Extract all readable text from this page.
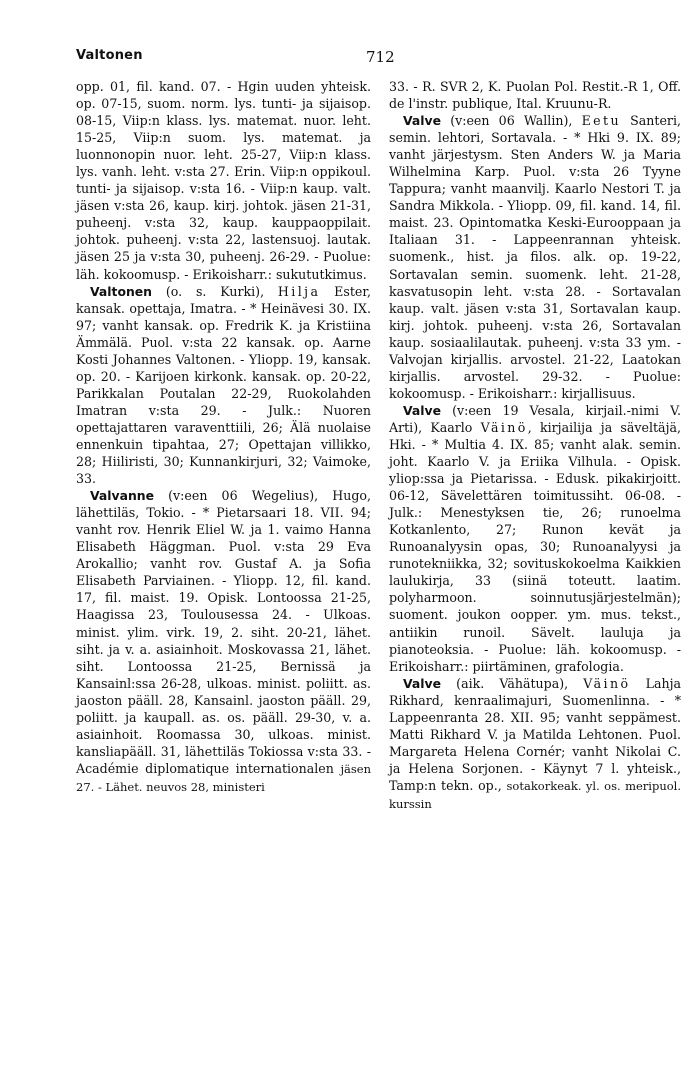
Valtonen	712

opp. 01, fil. kand. 07. - Hgin uuden yhteisk. op. 07-15, suom. norm. lys. tunti- ja sijaisop. 08-15, Viip:n klass. lys. matemat. nuor. leht. 15-25, Viip:n suom. lys. matemat. ja luonnonopin nuor. leht. 25-27, Viip:n klass. lys. vanh. leht. v:sta 27. Erin. Viip:n oppikoul. tunti- ja sijaisop. v:sta 16. - Viip:n kaup. valt. jäsen v:sta 26, kaup. kirj. johtok. jäsen 21-31, puheenj. v:sta 32, kaup. kauppaoppilait. johtok. puheenj. v:sta 22, lastensuoj. lautak. jäsen 25 ja v:sta 30, puheenj. 26-29. - Puolue: läh. kokoomusp. - Erikoisharr.: sukututkimus.

Valtonen (o. s. Kurki), Hilja Ester, kansak. opettaja, Imatra. - * Heinävesi 30. IX. 97; vanht kansak. op. Fredrik K. ja Kristiina Ämmälä. Puol. v:sta 22 kansak. op. Aarne Kosti Johannes Valtonen. - Yliopp. 19, kansak. op. 20. - Karijoen kirkonk. kansak. op. 20-22, Parikkalan Poutalan 22-29, Ruokolahden Imatran v:sta 29. - Julk.: Nuoren opettajattaren varaventtiili, 26; Älä nuolaise ennenkuin tipahtaa, 27; Opettajan villikko, 28; Hiiliristi, 30; Kunnankirjuri, 32; Vaimoke, 33.

Valvanne (v:een 06 Wegelius), Hugo, lähettiläs, Tokio. - * Pietarsaari 18. VII. 94; vanht rov. Henrik Eliel W. ja 1. vaimo Hanna Elisabeth Häggman. Puol. v:sta 29 Eva Arokallio; vanht rov. Gustaf A. ja Sofia Elisabeth Parviainen. - Yliopp. 12, fil. kand. 17, fil. maist. 19. Opisk. Lontoossa 21-25, Haagissa 23, Toulousessa 24. - Ulkoas. minist. ylim. virk. 19, 2. siht. 20-21, lähet. siht. ja v. a. asiainhoit. Moskovassa 21, lähet. siht. Lontoossa 21-25, Bernissä ja Kansainl:ssa 26-28, ulkoas. minist. poliitt. as. jaoston pääll. 28, Kansainl. jaoston pääll. 29, poliitt. ja kaupall. as. os. pääll. 29-30, v. a. asiainhoit. Roomassa 30, ulkoas. minist. kansliapääll. 31, lähettiläs Tokiossa v:sta 33. - Académie diplomatique internationalen jäsen 27. - Lähet. neuvos 28, ministeri

33. - R. SVR 2, K. Puolan Pol. Restit.-R 1, Off. de l'instr. publique, Ital. Kruunu-R.

Valve (v:een 06 Wallin), Eetu Santeri, semin. lehtori, Sortavala. - * Hki 9. IX. 89; vanht järjestysm. Sten Anders W. ja Maria Wilhelmina Karp. Puol. v:sta 26 Tyyne Tappura; vanht maanvilj. Kaarlo Nestori T. ja Sandra Mikkola. - Yliopp. 09, fil. kand. 14, fil. maist. 23. Opintomatka Keski-Eurooppaan ja Italiaan 31. - Lappeenrannan yhteisk. suomenk., hist. ja filos. alk. op. 19-22, Sortavalan semin. suomenk. leht. 21-28, kasvatusopin leht. v:sta 28. - Sortavalan kaup. valt. jäsen v:sta 31, Sortavalan kaup. kirj. johtok. puheenj. v:sta 26, Sortavalan kaup. sosiaalilautak. puheenj. v:sta 33 ym. - Valvojan kirjallis. arvostel. 21-22, Laatokan kirjallis. arvostel. 29-32. - Puolue: kokoomusp. - Erikoisharr.: kirjallisuus.

Valve (v:een 19 Vesala, kirjail.-nimi V. Arti), Kaarlo Väinö, kirjailija ja säveltäjä, Hki. - * Multia 4. IX. 85; vanht alak. semin. joht. Kaarlo V. ja Eriika Vilhula. - Opisk. yliop:ssa ja Pietarissa. - Edusk. pikakirjoitt. 06-12, Sävelettären toimitussiht. 06-08. - Julk.: Menestyksen tie, 26; runoelma Kotkanlento, 27; Runon kevät ja Runoanalyysin opas, 30; Runoanalyysi ja runotekniikka, 32; sovituskokoelma Kaikkien laulukirja, 33 (siinä toteutt. laatim. polyharmoon. soinnutusjärjestelmän); suoment. joukon oopper. ym. mus. tekst., antiikin runoil. Sävelt. lauluja ja pianoteoksia. - Puolue: läh. kokoomusp. - Erikoisharr.: piirtäminen, grafologia.

Valve (aik. Vähätupa), Väinö Lahja Rikhard, kenraalimajuri, Suomenlinna. - * Lappeenranta 28. XII. 95; vanht seppämest. Matti Rikhard V. ja Matilda Lehtonen. Puol. Margareta Helena Cornér; vanht Nikolai C. ja Helena Sorjonen. - Käynyt 7 l. yhteisk., Tamp:n tekn. op., sotakorkeak. yl. os. meripuol. kurssin
